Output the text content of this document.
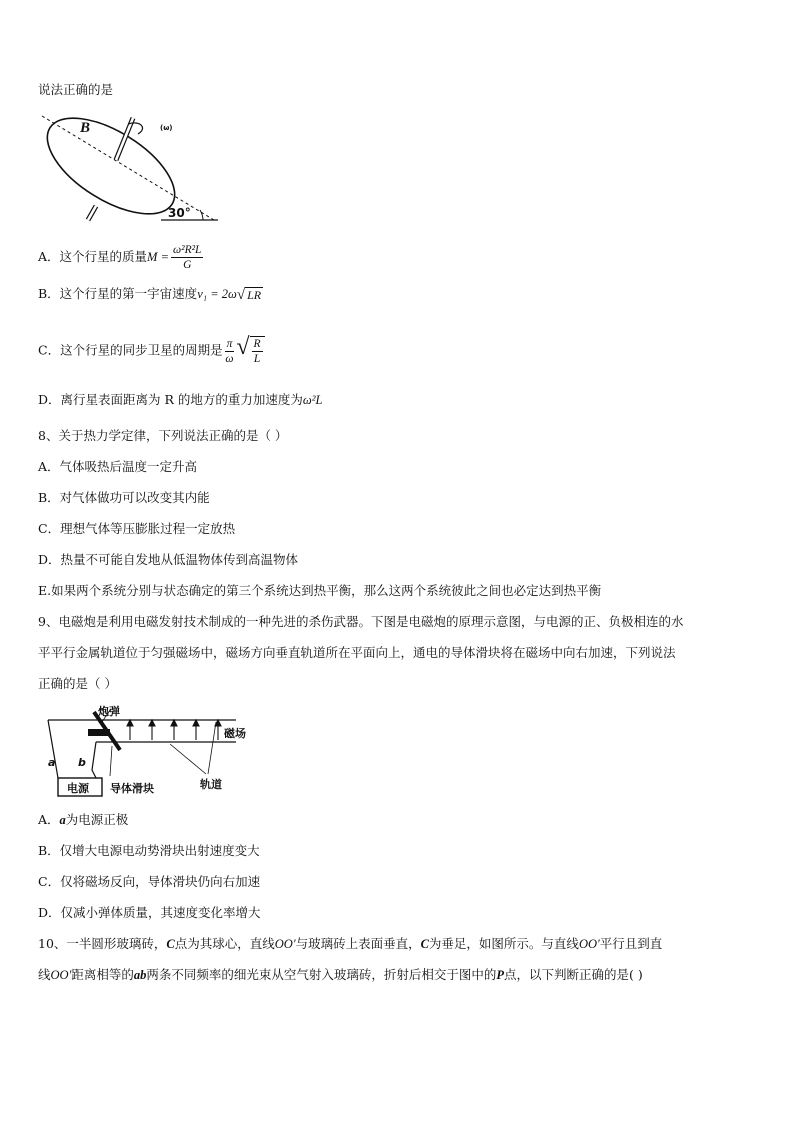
说法正确的是
B	(ω)
30°
A．这个行星的质量$M = \frac{\text{ω²R²L}}{G}$
B．这个行星的第一宇宙速度v₁ = 2ω√ LR
C．这个行星的同步卫星的周期是 $\frac{\pi}{\omega}$ √ $\frac{R}{L}$
D．离行星表面距离为 R 的地方的重力加速度为ω²L
8、关于热力学定律，下列说法正确的是（ ）
A．气体吸热后温度一定升高
B．对气体做功可以改变其内能
C．理想气体等压膨胀过程一定放热
D．热量不可能自发地从低温物体传到高温物体
E.如果两个系统分别与状态确定的第三个系统达到热平衡，那么这两个系统彼此之间也必定达到热平衡
9、电磁炮是利用电磁发射技术制成的一种先进的杀伤武器。下图是电磁炮的原理示意图，与电源的正、负极相连的水
平平行金属轨道位于匀强磁场中，磁场方向垂直轨道所在平面向上，通电的导体滑块将在磁场中向右加速，下列说法
正确的是（ ）
炮弹
磁场
a b
电源 导体滑块	轨道
A．a为电源正极
B．仅增大电源电动势滑块出射速度变大
C．仅将磁场反向，导体滑块仍向右加速
D．仅减小弹体质量，其速度变化率增大
10、一半圆形玻璃砖，C点为其球心，直线OO′与玻璃砖上表面垂直，C为垂足，如图所示。与直线OO′平行且到直
线OO′距离相等的ab两条不同频率的细光束从空气射入玻璃砖，折射后相交于图中的P点，以下判断正确的是( )
